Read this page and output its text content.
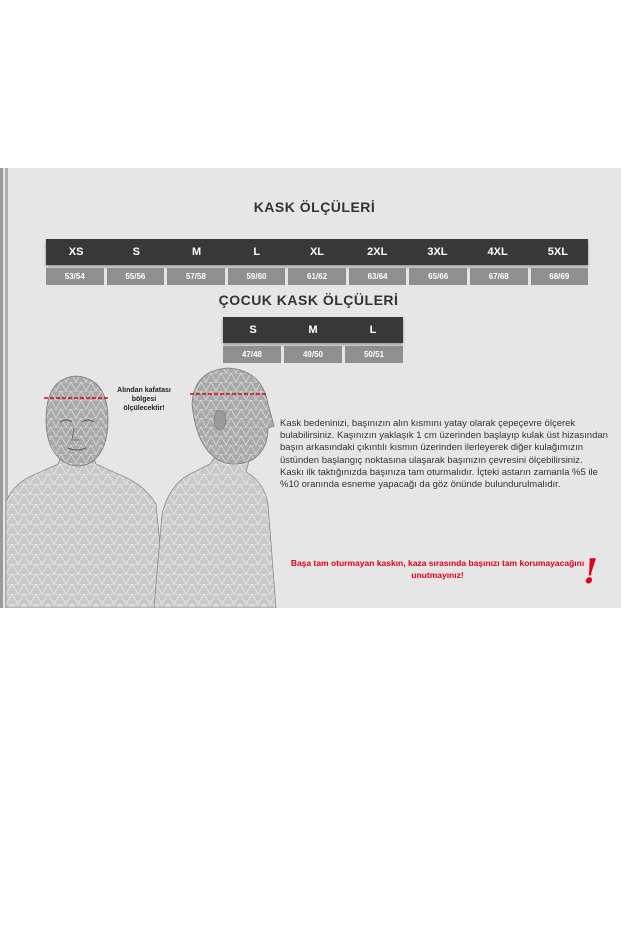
KASK ÖLÇÜLERİ
XS	S	M	L	XL	2XL	3XL	4XL	5XL
53/54	55/56	57/58	59/60	61/62	63/64	65/66	67/68	68/69
ÇOCUK KASK ÖLÇÜLERİ
S	M	L
47/48	49/50	50/51
Alından kafatası bölgesi ölçülecektir!

Kask bedeninizi, başınızın alın kısmını yatay olarak çepeçevre ölçerek bulabilirsiniz. Kaşınızın yaklaşık 1 cm üzerinden başlayıp kulak üst hizasından başın arkasındaki çıkıntılı kısmın üzerinden ilerleyerek diğer kulağımızın üstünden başlangıç noktasına ulaşarak başınızın çevresini ölçebilirsiniz.

Kaskı ilk taktığınızda başınıza tam oturmalıdır. İçteki astarın zamanla %5 ile %10 oranında esneme yapacağı da göz önünde bulundurulmalıdır.

Başa tam oturmayan kaskın, kaza sırasında başınızı tam korumayacağını unutmayınız!	!
